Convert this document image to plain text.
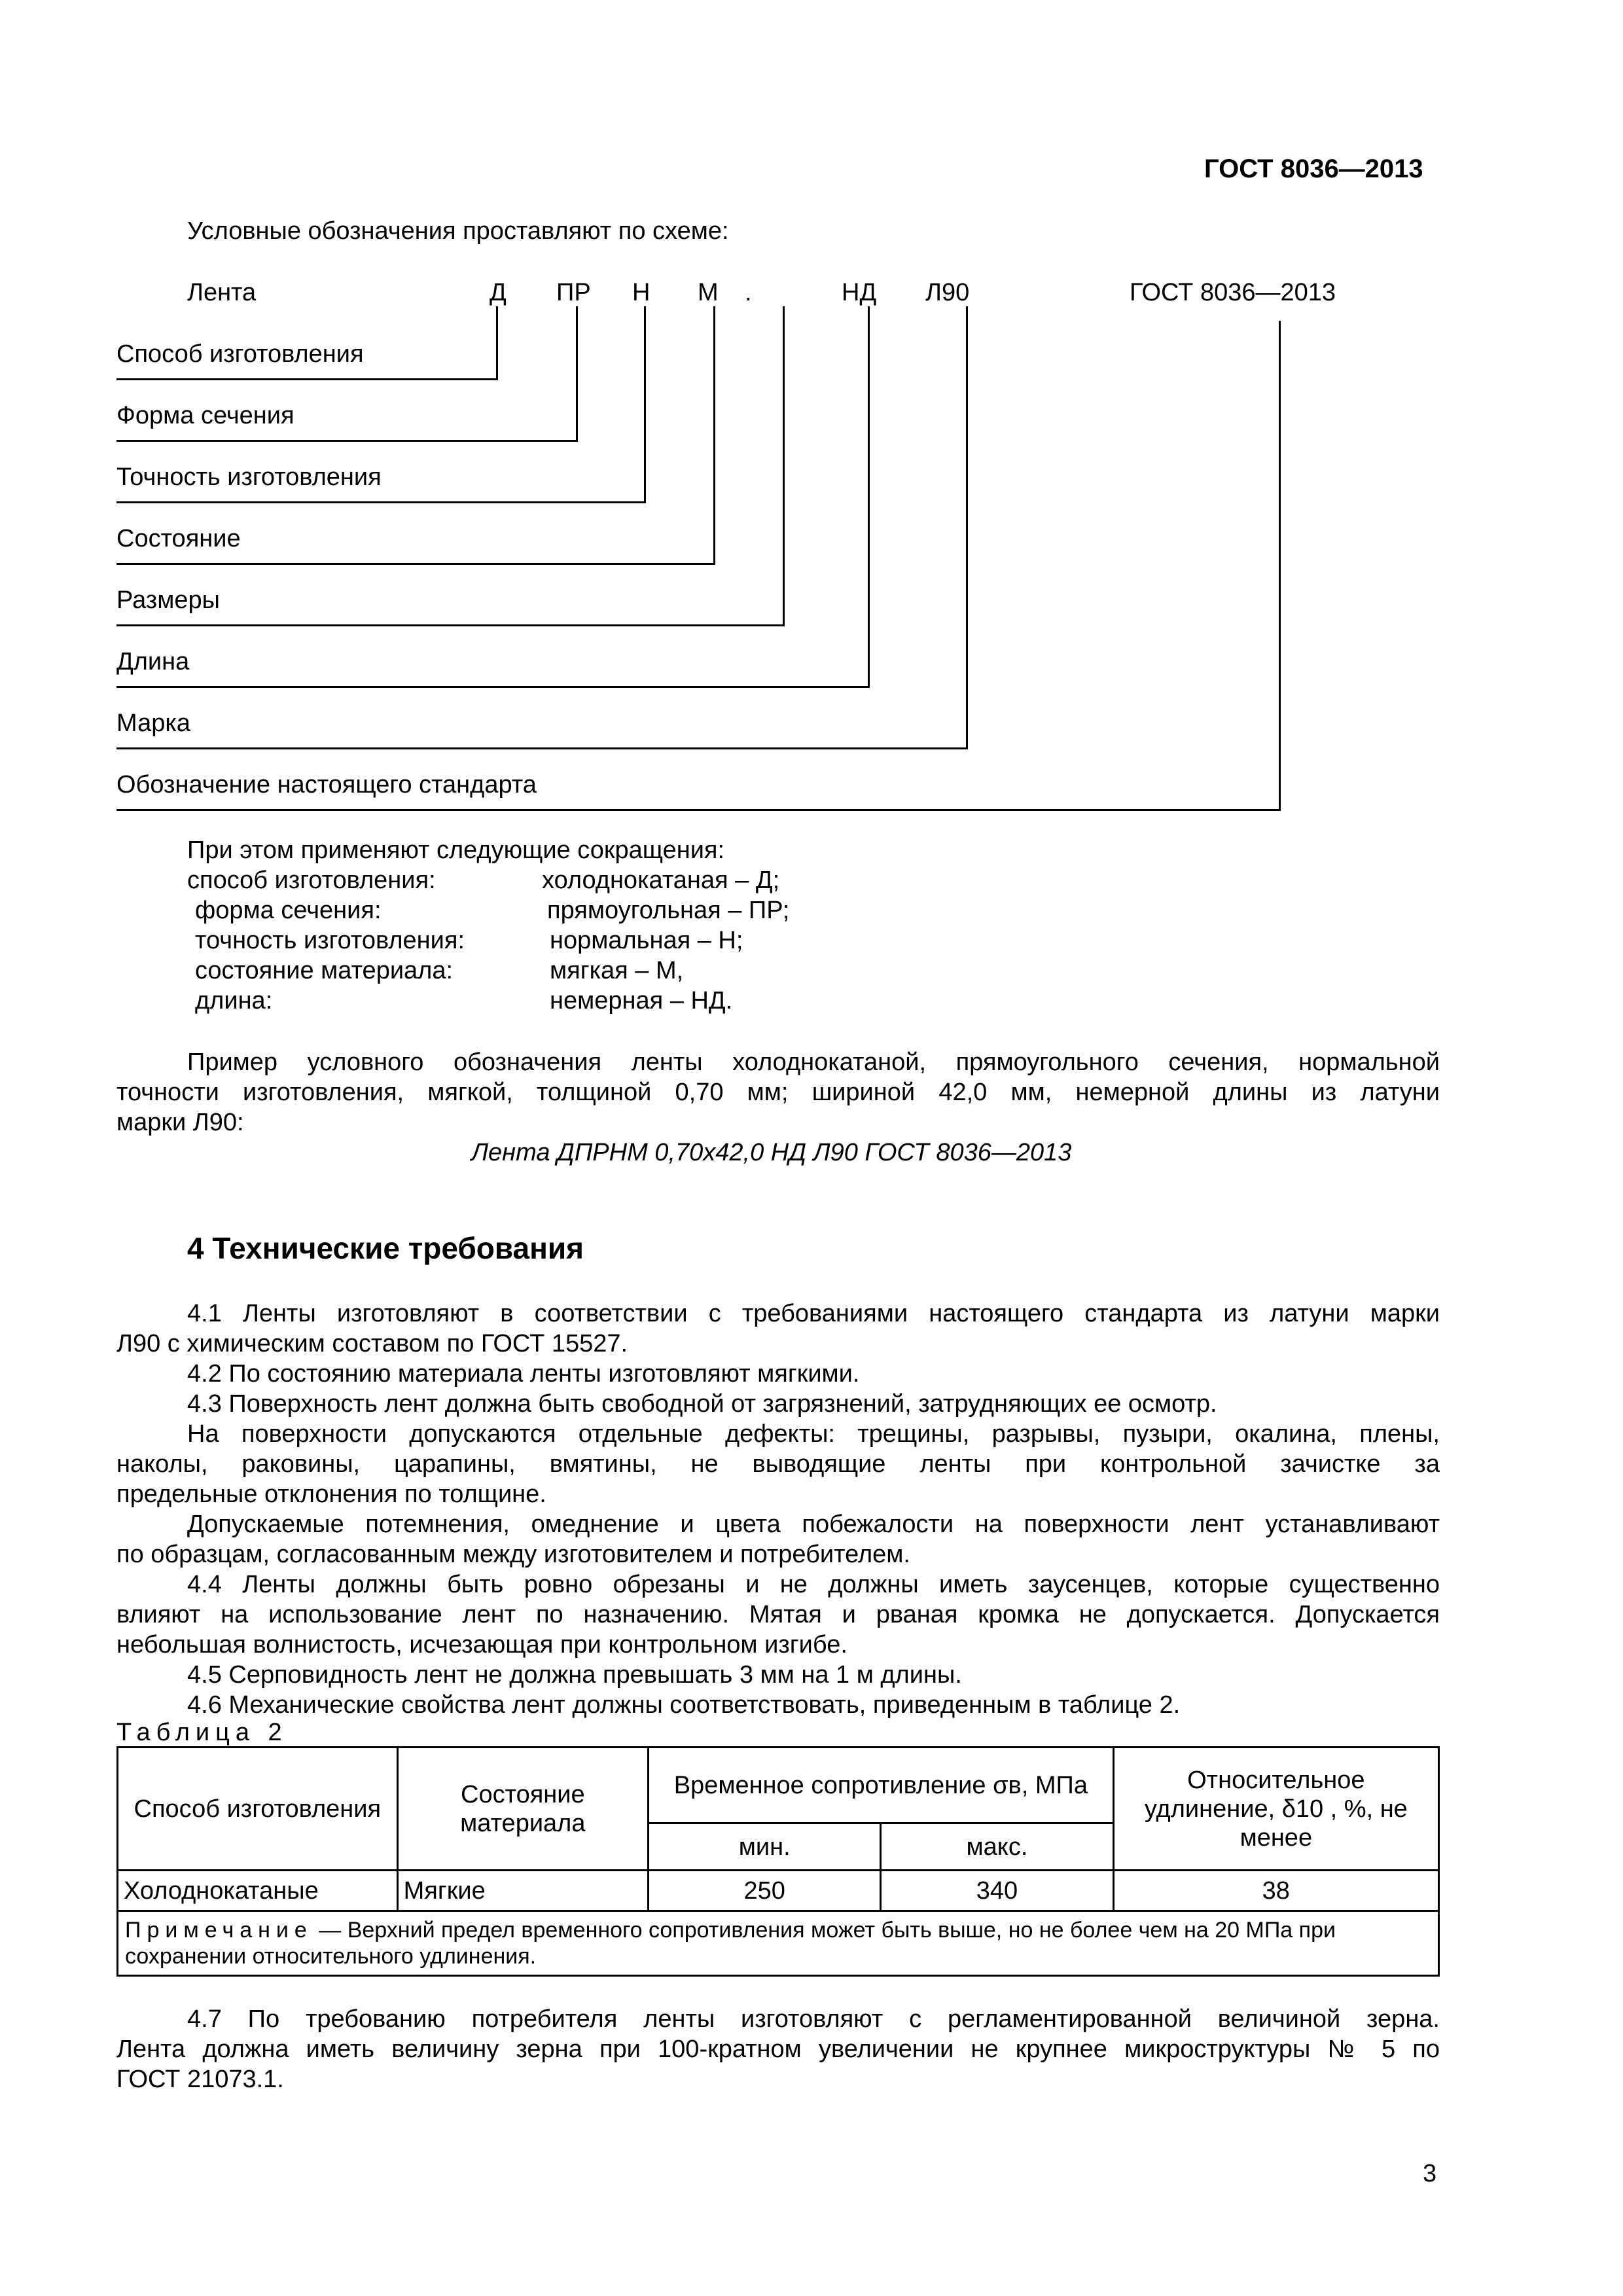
ГОСТ 8036—2013
Условные обозначения проставляют по схеме:
Лента	Д ПР Н М .	НД Л90	ГОСТ 8036—2013
Способ изготовления
Форма сечения
Точность изготовления
Состояние
Размеры
Длина
Марка
Обозначение настоящего стандарта
При этом применяют следующие сокращения:
способ изготовления:	холоднокатаная – Д;
форма сечения:	прямоугольная – ПР;
точность изготовления:	нормальная – Н;
состояние материала:	мягкая – М,
длина:	немерная – НД.
Пример условного обозначения ленты холоднокатаной, прямоугольного сечения, нормальной
точности изготовления, мягкой, толщиной 0,70 мм; шириной 42,0 мм, немерной длины из латуни
марки Л90:
Лента ДПРНМ 0,70х42,0 НД Л90 ГОСТ 8036—2013
4 Технические требования
4.1 Ленты изготовляют в соответствии с требованиями настоящего стандарта из латуни марки
Л90 с химическим составом по ГОСТ 15527.
4.2 По состоянию материала ленты изготовляют мягкими.
4.3 Поверхность лент должна быть свободной от загрязнений, затрудняющих ее осмотр.
На поверхности допускаются отдельные дефекты: трещины, разрывы, пузыри, окалина, плены,
наколы, раковины, царапины, вмятины, не выводящие ленты при контрольной зачистке за
предельные отклонения по толщине.
Допускаемые потемнения, омеднение и цвета побежалости на поверхности лент устанавливают
по образцам, согласованным между изготовителем и потребителем.
4.4 Ленты должны быть ровно обрезаны и не должны иметь заусенцев, которые существенно
влияют на использование лент по назначению. Мятая и рваная кромка не допускается. Допускается
небольшая волнистость, исчезающая при контрольном изгибе.
4.5 Серповидность лент не должна превышать 3 мм на 1 м длины.
4.6 Механические свойства лент должны соответствовать, приведенным в таблице 2.
Таблица 2
Способ изготовления	Состояние материала	Временное сопротивление σв, МПа		Относительное удлинение, δ10 , %, не менее
		мин.	макс.	
Холоднокатаные	Мягкие	250	340	38
Примечание — Верхний предел временного сопротивления может быть выше, но не более чем на 20 МПа при сохранении относительного удлинения.				
4.7 По требованию потребителя ленты изготовляют с регламентированной величиной зерна.
Лента должна иметь величину зерна при 100-кратном увеличении не крупнее микроструктуры № 5 по
ГОСТ 21073.1.
3
